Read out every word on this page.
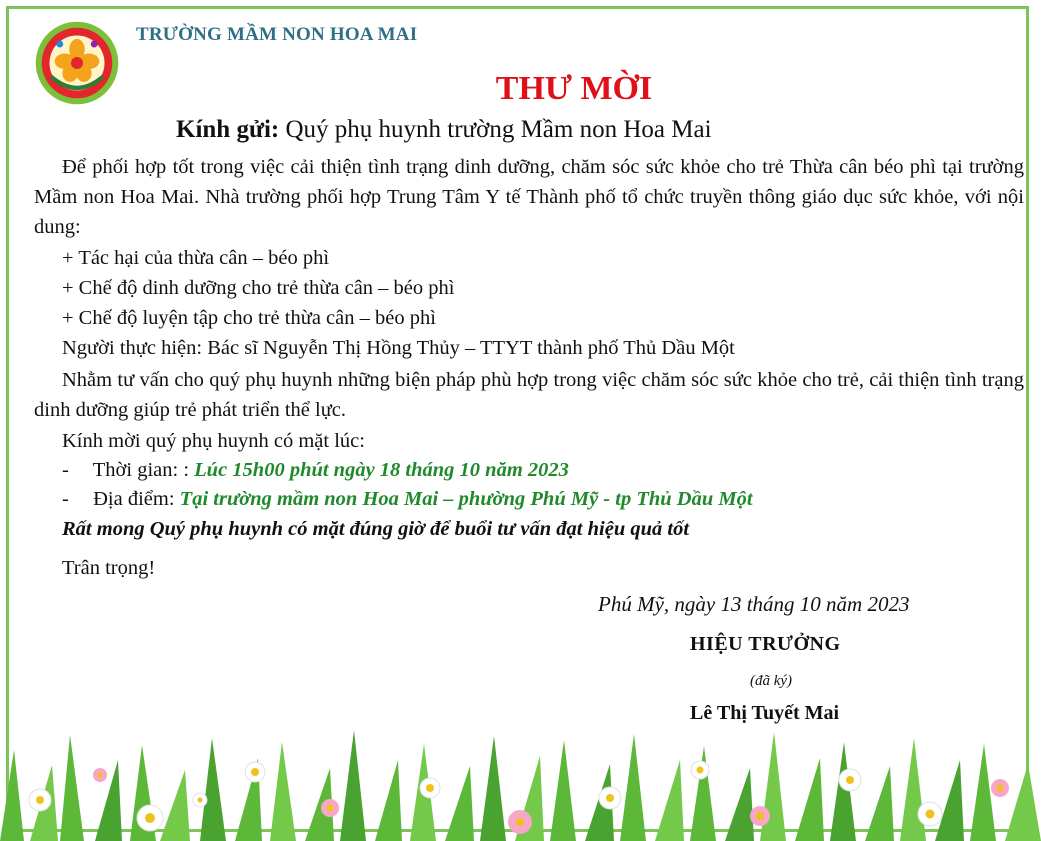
TRƯỜNG MẦM NON HOA MAI
THƯ MỜI
Kính gửi: Quý phụ huynh trường Mầm non Hoa Mai
Để phối hợp tốt trong việc cải thiện tình trạng dinh dưỡng, chăm sóc sức khỏe cho trẻ Thừa cân béo phì tại trường Mầm non Hoa Mai. Nhà trường phối hợp Trung Tâm Y tế Thành phố tổ chức truyền thông giáo dục sức khỏe, với nội dung:
+ Tác hại của thừa cân – béo phì
+ Chế độ dinh dưỡng cho trẻ thừa cân – béo phì
+ Chế độ luyện tập cho trẻ thừa cân – béo phì
Người thực hiện: Bác sĩ Nguyễn Thị Hồng Thủy – TTYT thành phố Thủ Dầu Một
Nhằm tư vấn cho quý phụ huynh những biện pháp phù hợp trong việc chăm sóc sức khỏe cho trẻ, cải thiện tình trạng dinh dưỡng giúp trẻ phát triển thể lực.
Kính mời quý phụ huynh có mặt lúc:
- Thời gian: : Lúc 15h00 phút ngày 18 tháng 10 năm 2023
- Địa điểm: Tại trường mầm non Hoa Mai – phường Phú Mỹ - tp Thủ Dầu Một
Rất mong Quý phụ huynh có mặt đúng giờ để buổi tư vấn đạt hiệu quả tốt
Trân trọng!
Phú Mỹ, ngày 13 tháng 10 năm 2023
HIỆU TRƯỞNG
(đã ký)
Lê Thị Tuyết Mai
